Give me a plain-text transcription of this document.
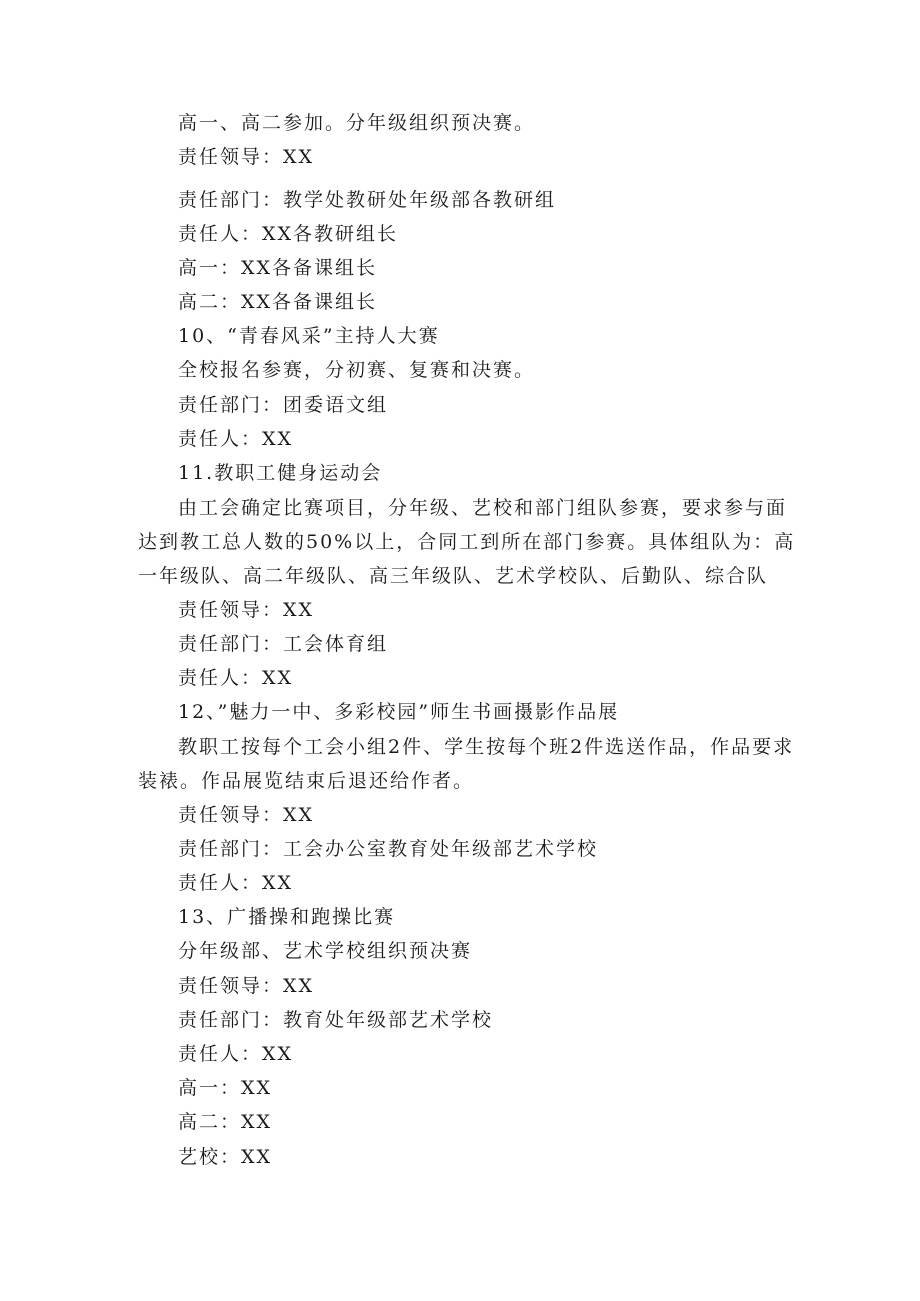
高一、高二参加。分年级组织预决赛。
责任领导：XX
责任部门：教学处教研处年级部各教研组
责任人：XX各教研组长
高一：XX各备课组长
高二：XX各备课组长
10、“青春风采”主持人大赛
全校报名参赛，分初赛、复赛和决赛。
责任部门：团委语文组
责任人：XX
11.教职工健身运动会
由工会确定比赛项目，分年级、艺校和部门组队参赛，要求参与面达到教工总人数的50%以上，合同工到所在部门参赛。具体组队为：高一年级队、高二年级队、高三年级队、艺术学校队、后勤队、综合队
责任领导：XX
责任部门：工会体育组
责任人：XX
12、”魅力一中、多彩校园”师生书画摄影作品展
教职工按每个工会小组2件、学生按每个班2件选送作品，作品要求装裱。作品展览结束后退还给作者。
责任领导：XX
责任部门：工会办公室教育处年级部艺术学校
责任人：XX
13、广播操和跑操比赛
分年级部、艺术学校组织预决赛
责任领导：XX
责任部门：教育处年级部艺术学校
责任人：XX
高一：XX
高二：XX
艺校：XX
